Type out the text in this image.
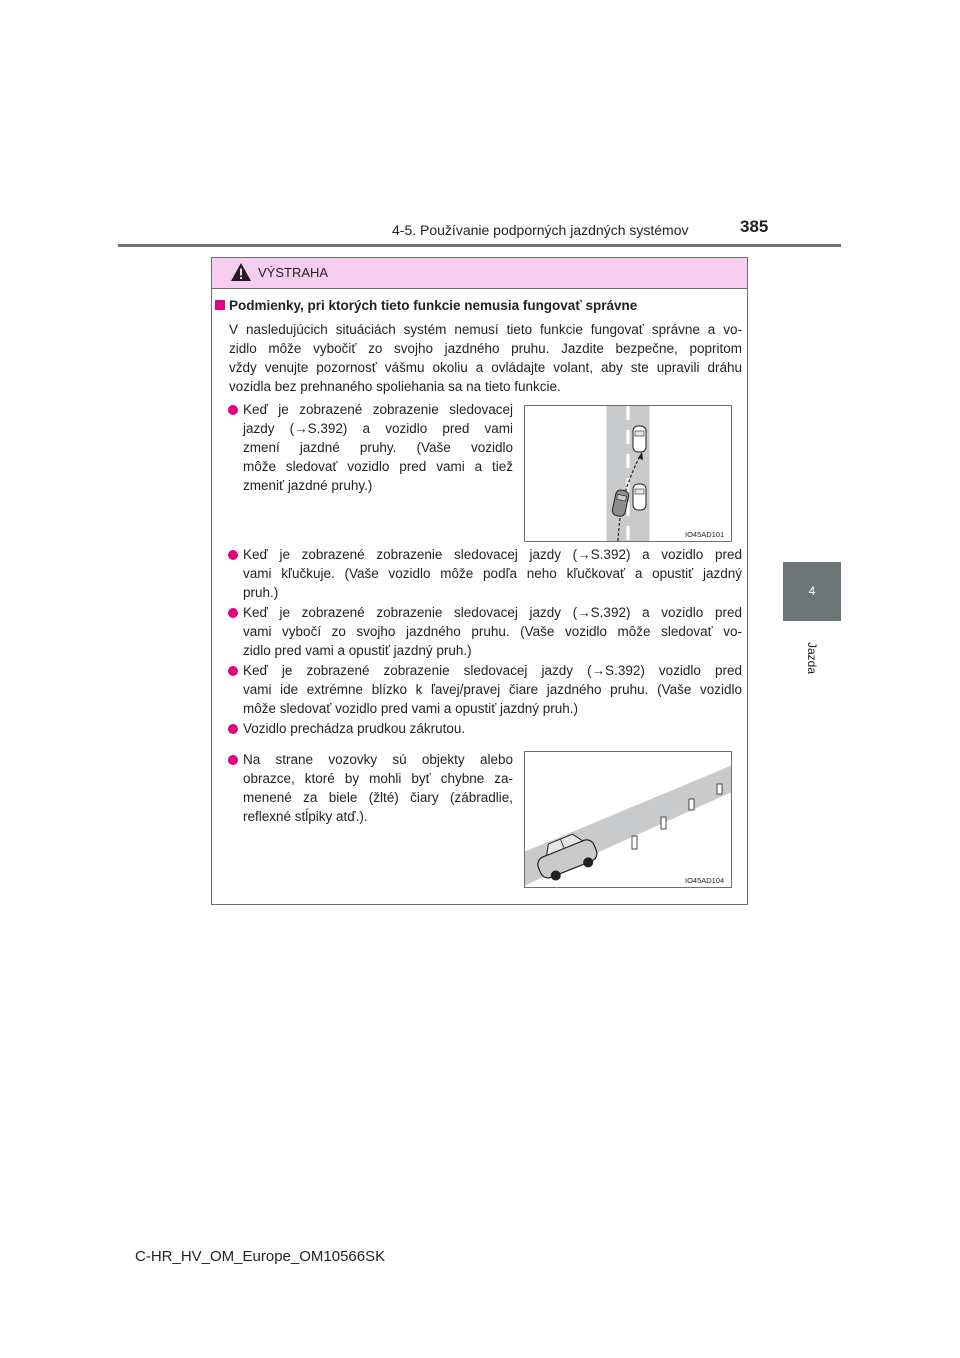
4-5. Používanie podporných jazdných systémov	385
4
Jazda
VÝSTRAHA
Podmienky, pri ktorých tieto funkcie nemusia fungovať správne
V nasledujúcich situáciách systém nemusí tieto funkcie fungovať správne a vo-
zidlo môže vybočiť zo svojho jazdného pruhu. Jazdite bezpečne, popritom
vždy venujte pozornosť vášmu okoliu a ovládajte volant, aby ste upravili dráhu
vozidla bez prehnaného spoliehania sa na tieto funkcie.
Keď je zobrazené zobrazenie sledovacej
jazdy (→S.392) a vozidlo pred vami
zmení jazdné pruhy. (Vaše vozidlo
môže sledovať vozidlo pred vami a tiež
zmeniť jazdné pruhy.)
IO45AD101
Keď je zobrazené zobrazenie sledovacej jazdy (→S.392) a vozidlo pred
vami kľučkuje. (Vaše vozidlo môže podľa neho kľučkovať a opustiť jazdný
pruh.)
Keď je zobrazené zobrazenie sledovacej jazdy (→S.392) a vozidlo pred
vami vybočí zo svojho jazdného pruhu. (Vaše vozidlo môže sledovať vo-
zidlo pred vami a opustiť jazdný pruh.)
Keď je zobrazené zobrazenie sledovacej jazdy (→S.392) vozidlo pred
vami ide extrémne blízko k ľavej/pravej čiare jazdného pruhu. (Vaše vozidlo
môže sledovať vozidlo pred vami a opustiť jazdný pruh.)
Vozidlo prechádza prudkou zákrutou.
Na strane vozovky sú objekty alebo
obrazce, ktoré by mohli byť chybne za-
menené za biele (žlté) čiary (zábradlie,
reflexné stĺpiky atď.).
IO45AD104
C-HR_HV_OM_Europe_OM10566SK
